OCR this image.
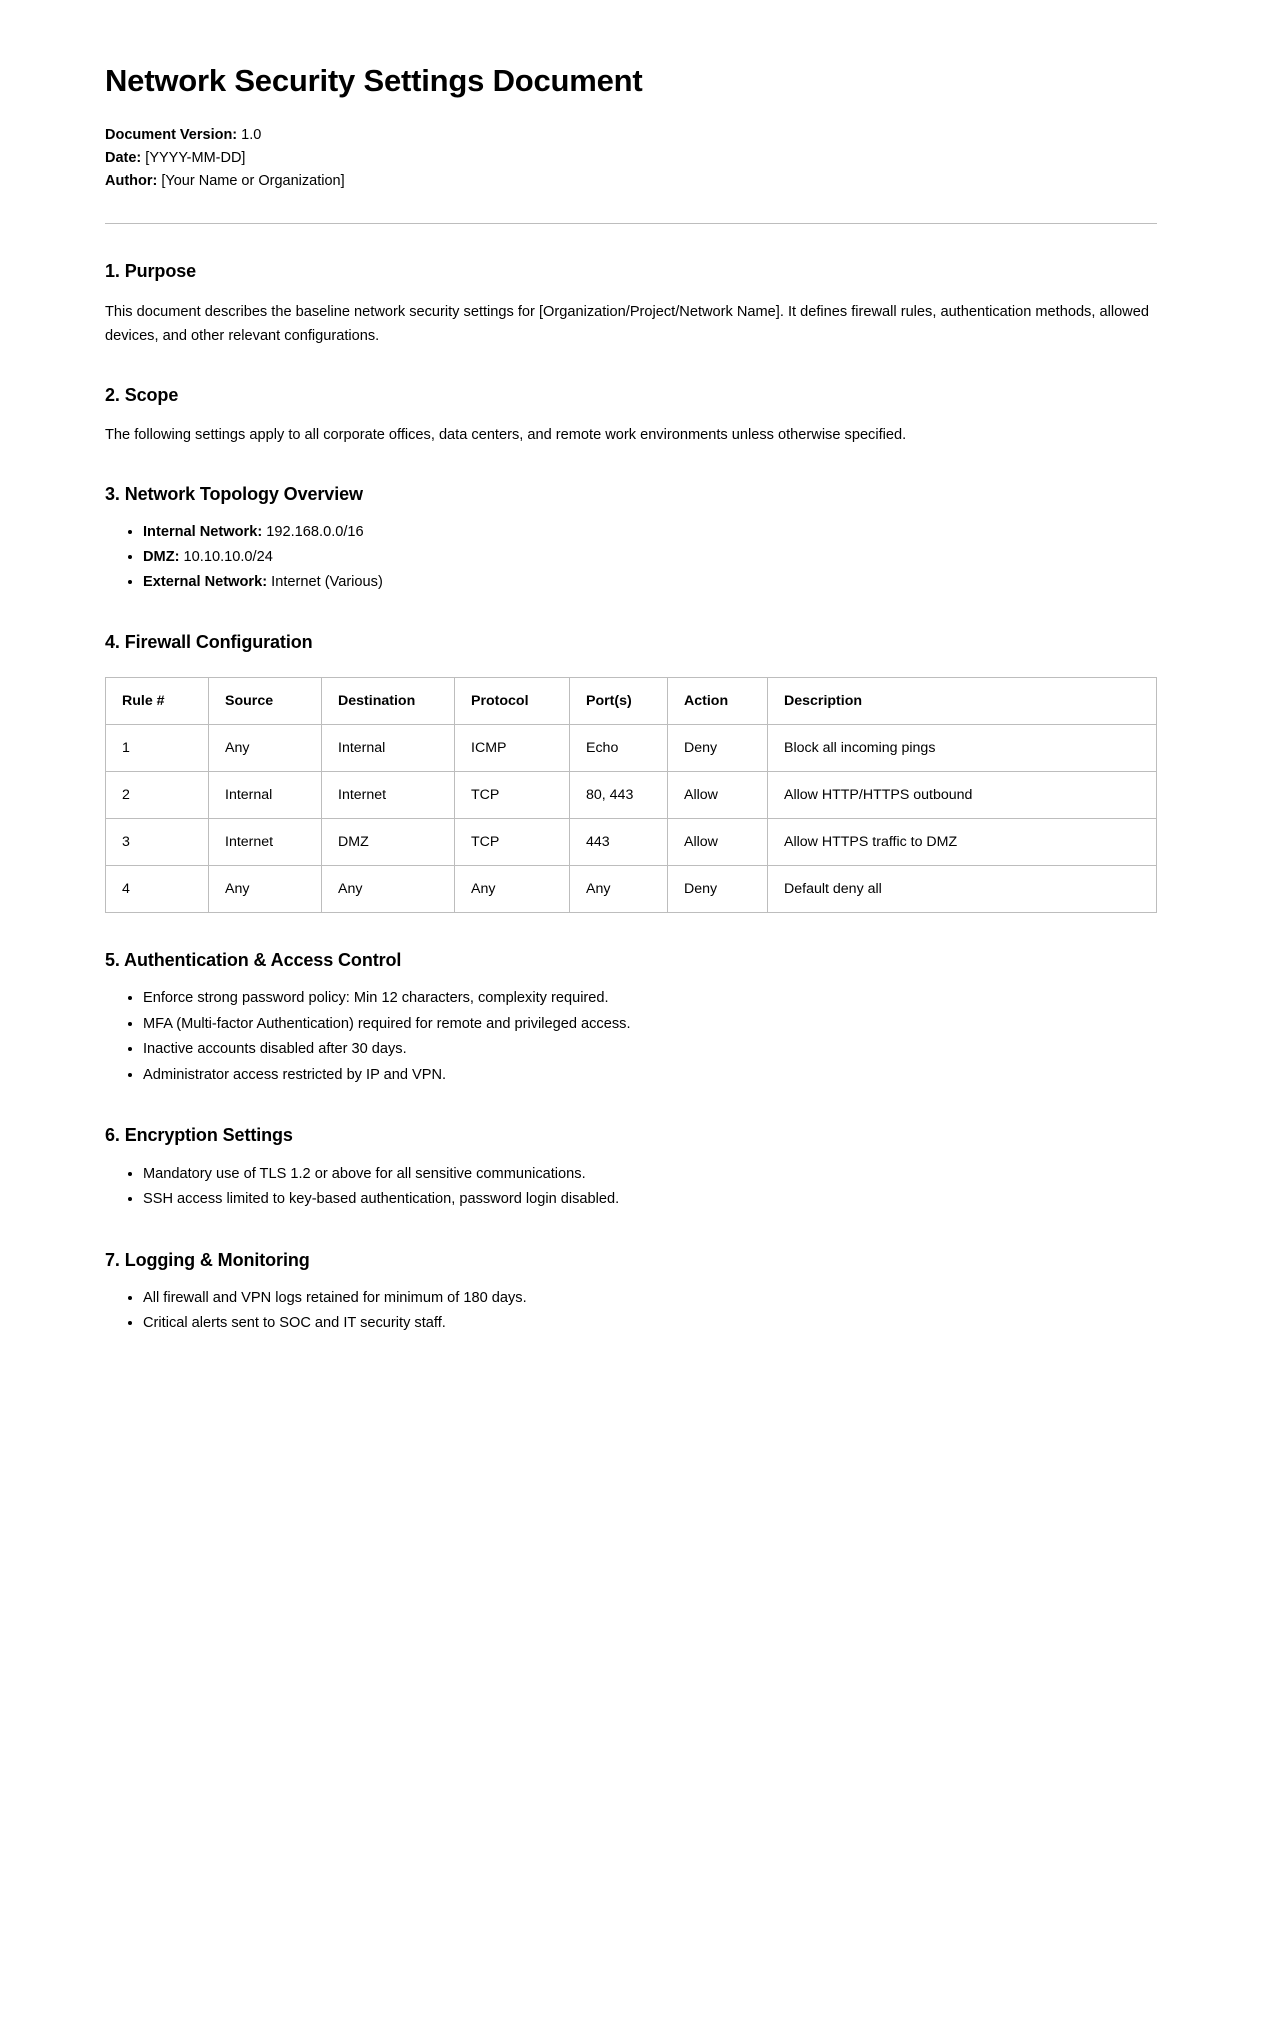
Network Security Settings Document
Document Version: 1.0
Date: [YYYY-MM-DD]
Author: [Your Name or Organization]
1. Purpose

This document describes the baseline network security settings for [Organization/Project/Network Name]. It defines firewall rules, authentication methods, allowed devices, and other relevant configurations.

2. Scope

The following settings apply to all corporate offices, data centers, and remote work environments unless otherwise specified.

3. Network Topology Overview
• Internal Network: 192.168.0.0/16
• DMZ: 10.10.10.0/24
• External Network: Internet (Various)
4. Firewall Configuration
Rule #	Source	Destination	Protocol	Port(s)	Action	Description
1	Any	Internal	ICMP	Echo	Deny	Block all incoming pings
2	Internal	Internet	TCP	80, 443	Allow	Allow HTTP/HTTPS outbound
3	Internet	DMZ	TCP	443	Allow	Allow HTTPS traffic to DMZ
4	Any	Any	Any	Any	Deny	Default deny all
5. Authentication & Access Control
• Enforce strong password policy: Min 12 characters, complexity required.
• MFA (Multi-factor Authentication) required for remote and privileged access.
• Inactive accounts disabled after 30 days.
• Administrator access restricted by IP and VPN.
6. Encryption Settings
• Mandatory use of TLS 1.2 or above for all sensitive communications.
• SSH access limited to key-based authentication, password login disabled.
7. Logging & Monitoring
• All firewall and VPN logs retained for minimum of 180 days.
• Critical alerts sent to SOC and IT security staff.
